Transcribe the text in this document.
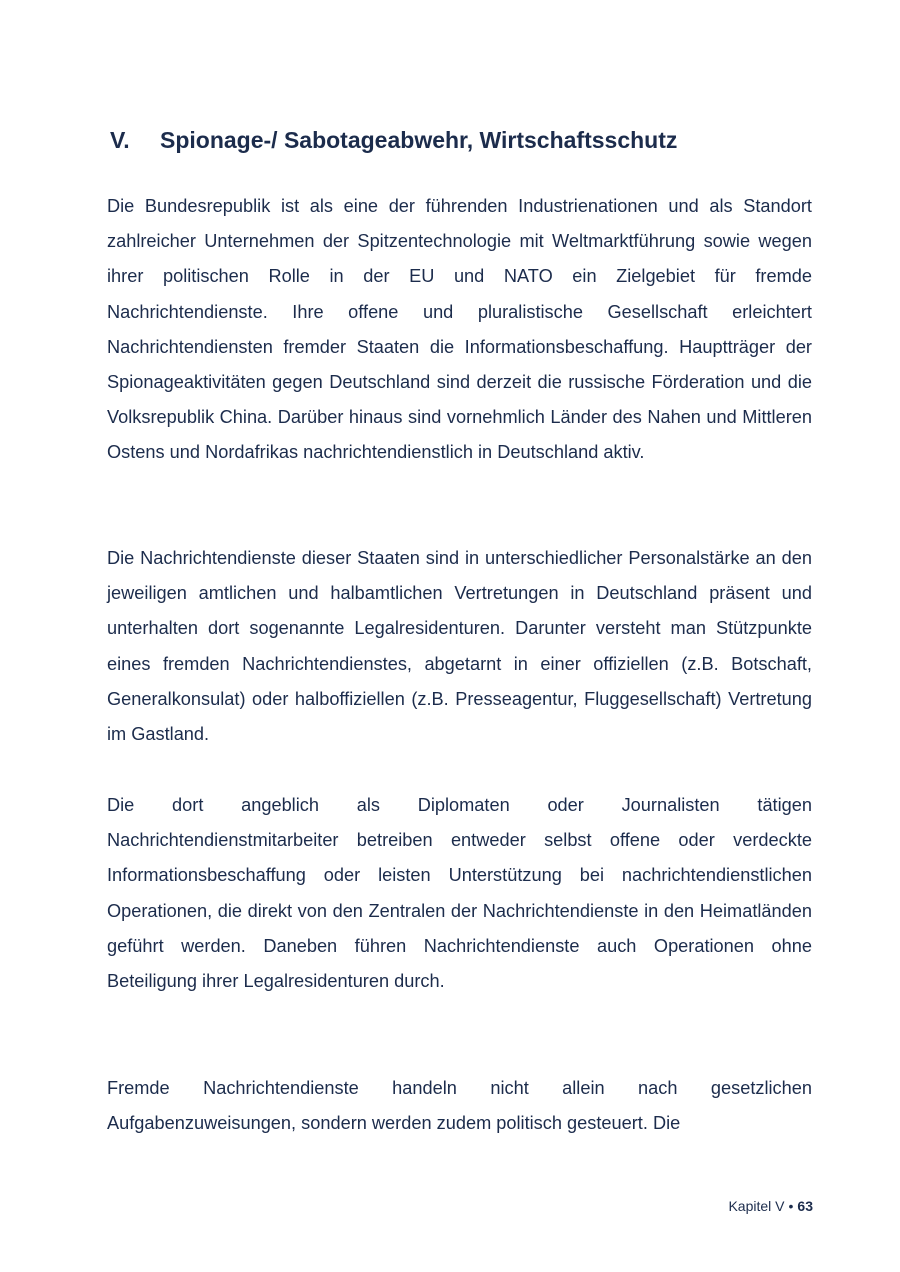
V. Spionage-/ Sabotageabwehr, Wirtschaftsschutz

Die Bundesrepublik ist als eine der führenden Industrienationen und als Standort zahlreicher Unternehmen der Spitzentechnologie mit Weltmarktführung sowie wegen ihrer politischen Rolle in der EU und NATO ein Zielgebiet für fremde Nachrichtendienste. Ihre offene und pluralistische Gesellschaft erleichtert Nachrichtendiensten fremder Staaten die Informationsbeschaffung. Hauptträger der Spionageaktivitäten gegen Deutschland sind derzeit die russische Förderation und die Volksrepublik China. Darüber hinaus sind vornehmlich Länder des Nahen und Mittleren Ostens und Nordafrikas nachrichtendienstlich in Deutschland aktiv.

Die Nachrichtendienste dieser Staaten sind in unterschiedlicher Personalstärke an den jeweiligen amtlichen und halbamtlichen Vertretungen in Deutschland präsent und unterhalten dort sogenannte Legalresidenturen. Darunter versteht man Stützpunkte eines fremden Nachrichtendienstes, abgetarnt in einer offiziellen (z.B. Botschaft, Generalkonsulat) oder halboffiziellen (z.B. Presseagentur, Fluggesellschaft) Vertretung im Gastland.

Die dort angeblich als Diplomaten oder Journalisten tätigen Nachrichtendienstmitarbeiter betreiben entweder selbst offene oder verdeckte Informationsbeschaffung oder leisten Unterstützung bei nachrichtendienstlichen Operationen, die direkt von den Zentralen der Nachrichtendienste in den Heimatländen geführt werden. Daneben führen Nachrichtendienste auch Operationen ohne Beteiligung ihrer Legalresidenturen durch.

Fremde Nachrichtendienste handeln nicht allein nach gesetzlichen Aufgabenzuweisungen, sondern werden zudem politisch gesteuert. Die

Kapitel V • 63
